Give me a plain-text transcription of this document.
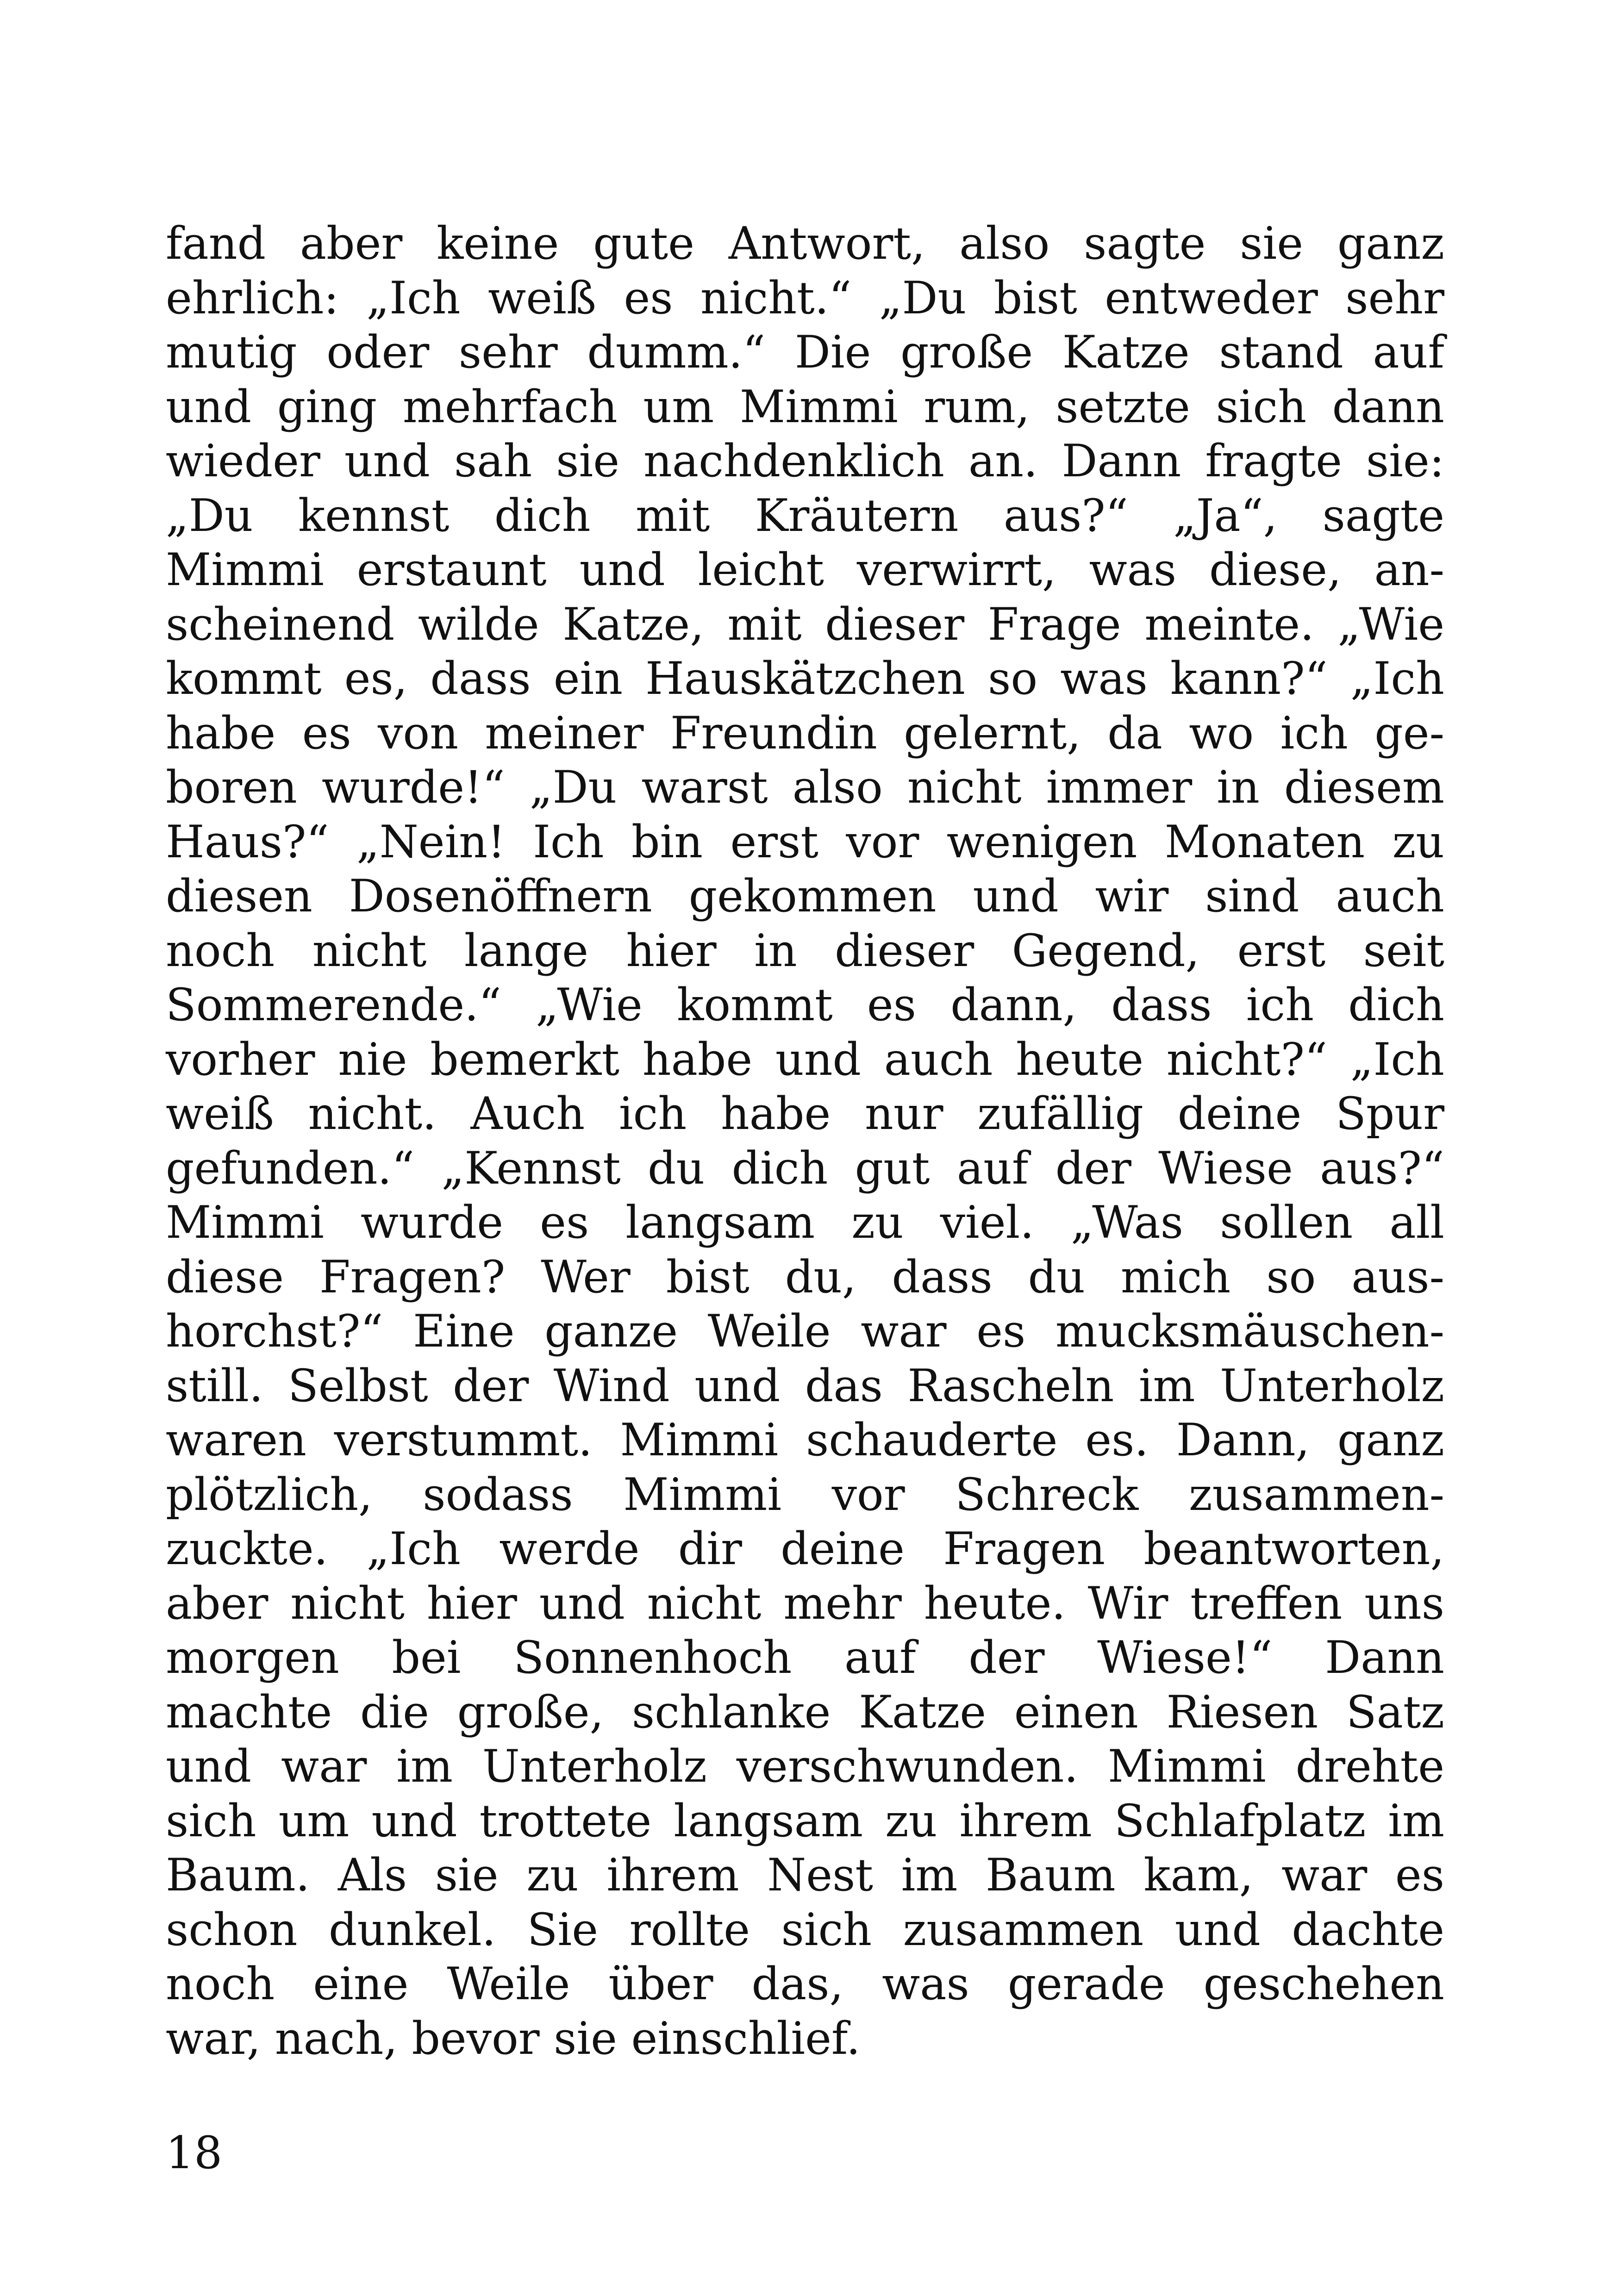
fand aber keine gute Antwort, also sagte sie ganz
ehrlich: „Ich weiß es nicht.“ „Du bist entweder sehr
mutig oder sehr dumm.“ Die große Katze stand auf
und ging mehrfach um Mimmi rum, setzte sich dann
wieder und sah sie nachdenklich an. Dann fragte sie:
„Du kennst dich mit Kräutern aus?“ „Ja“, sagte
Mimmi erstaunt und leicht verwirrt, was diese, an-
scheinend wilde Katze, mit dieser Frage meinte. „Wie
kommt es, dass ein Hauskätzchen so was kann?“ „Ich
habe es von meiner Freundin gelernt, da wo ich ge-
boren wurde!“ „Du warst also nicht immer in diesem
Haus?“ „Nein! Ich bin erst vor wenigen Monaten zu
diesen Dosenöffnern gekommen und wir sind auch
noch nicht lange hier in dieser Gegend, erst seit
Sommerende.“ „Wie kommt es dann, dass ich dich
vorher nie bemerkt habe und auch heute nicht?“ „Ich
weiß nicht. Auch ich habe nur zufällig deine Spur
gefunden.“ „Kennst du dich gut auf der Wiese aus?“
Mimmi wurde es langsam zu viel. „Was sollen all
diese Fragen? Wer bist du, dass du mich so aus-
horchst?“ Eine ganze Weile war es mucksmäuschen-
still. Selbst der Wind und das Rascheln im Unterholz
waren verstummt. Mimmi schauderte es. Dann, ganz
plötzlich, sodass Mimmi vor Schreck zusammen-
zuckte. „Ich werde dir deine Fragen beantworten,
aber nicht hier und nicht mehr heute. Wir treffen uns
morgen bei Sonnenhoch auf der Wiese!“ Dann
machte die große, schlanke Katze einen Riesen Satz
und war im Unterholz verschwunden. Mimmi drehte
sich um und trottete langsam zu ihrem Schlafplatz im
Baum. Als sie zu ihrem Nest im Baum kam, war es
schon dunkel. Sie rollte sich zusammen und dachte
noch eine Weile über das, was gerade geschehen
war, nach, bevor sie einschlief.
18
